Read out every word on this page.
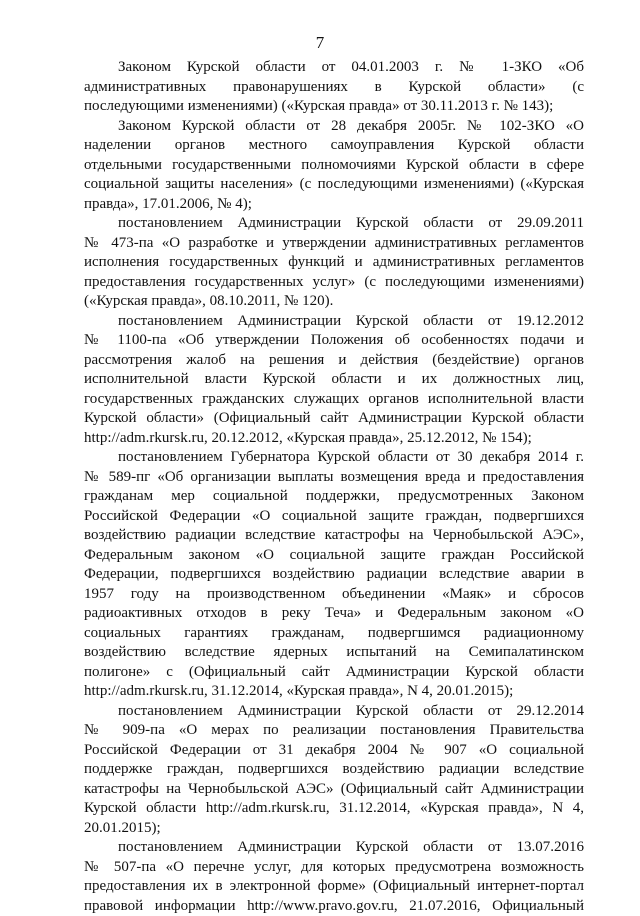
7
Законом Курской области от 04.01.2003 г. № 1-ЗКО «Об
административных правонарушениях в Курской области» (с
последующими изменениями) («Курская правда» от 30.11.2013 г. № 143);
Законом Курской области от 28 декабря 2005г. № 102-ЗКО «О
наделении органов местного самоуправления Курской области
отдельными государственными полномочиями Курской области в сфере
социальной защиты населения» (с последующими изменениями) («Курская
правда», 17.01.2006, № 4);
постановлением Администрации Курской области от 29.09.2011
№ 473-па «О разработке и утверждении административных регламентов
исполнения государственных функций и административных регламентов
предоставления государственных услуг» (с последующими изменениями)
(«Курская правда», 08.10.2011, № 120).
постановлением Администрации Курской области от 19.12.2012
№ 1100-па «Об утверждении Положения об особенностях подачи и
рассмотрения жалоб на решения и действия (бездействие) органов
исполнительной власти Курской области и их должностных лиц,
государственных гражданских служащих органов исполнительной власти
Курской области» (Официальный сайт Администрации Курской области
http://adm.rkursk.ru, 20.12.2012, «Курская правда», 25.12.2012, № 154);
постановлением Губернатора Курской области от 30 декабря 2014 г.
№ 589-пг «Об организации выплаты возмещения вреда и предоставления
гражданам мер социальной поддержки, предусмотренных Законом
Российской Федерации «О социальной защите граждан, подвергшихся
воздействию радиации вследствие катастрофы на Чернобыльской АЭС»,
Федеральным законом «О социальной защите граждан Российской
Федерации, подвергшихся воздействию радиации вследствие аварии в
1957 году на производственном объединении «Маяк» и сбросов
радиоактивных отходов в реку Теча» и Федеральным законом «О
социальных гарантиях гражданам, подвергшимся радиационному
воздействию вследствие ядерных испытаний на Семипалатинском
полигоне» с (Официальный сайт Администрации Курской области
http://adm.rkursk.ru, 31.12.2014, «Курская правда», N 4, 20.01.2015);
постановлением Администрации Курской области от 29.12.2014
№ 909-па «О мерах по реализации постановления Правительства
Российской Федерации от 31 декабря 2004 № 907 «О социальной
поддержке граждан, подвергшихся воздействию радиации вследствие
катастрофы на Чернобыльской АЭС» (Официальный сайт Администрации
Курской области http://adm.rkursk.ru, 31.12.2014, «Курская правда», N 4,
20.01.2015);
постановлением Администрации Курской области от 13.07.2016
№ 507-па «О перечне услуг, для которых предусмотрена возможность
предоставления их в электронной форме» (Официальный интернет-портал
правовой информации http://www.pravo.gov.ru, 21.07.2016, Официальный
